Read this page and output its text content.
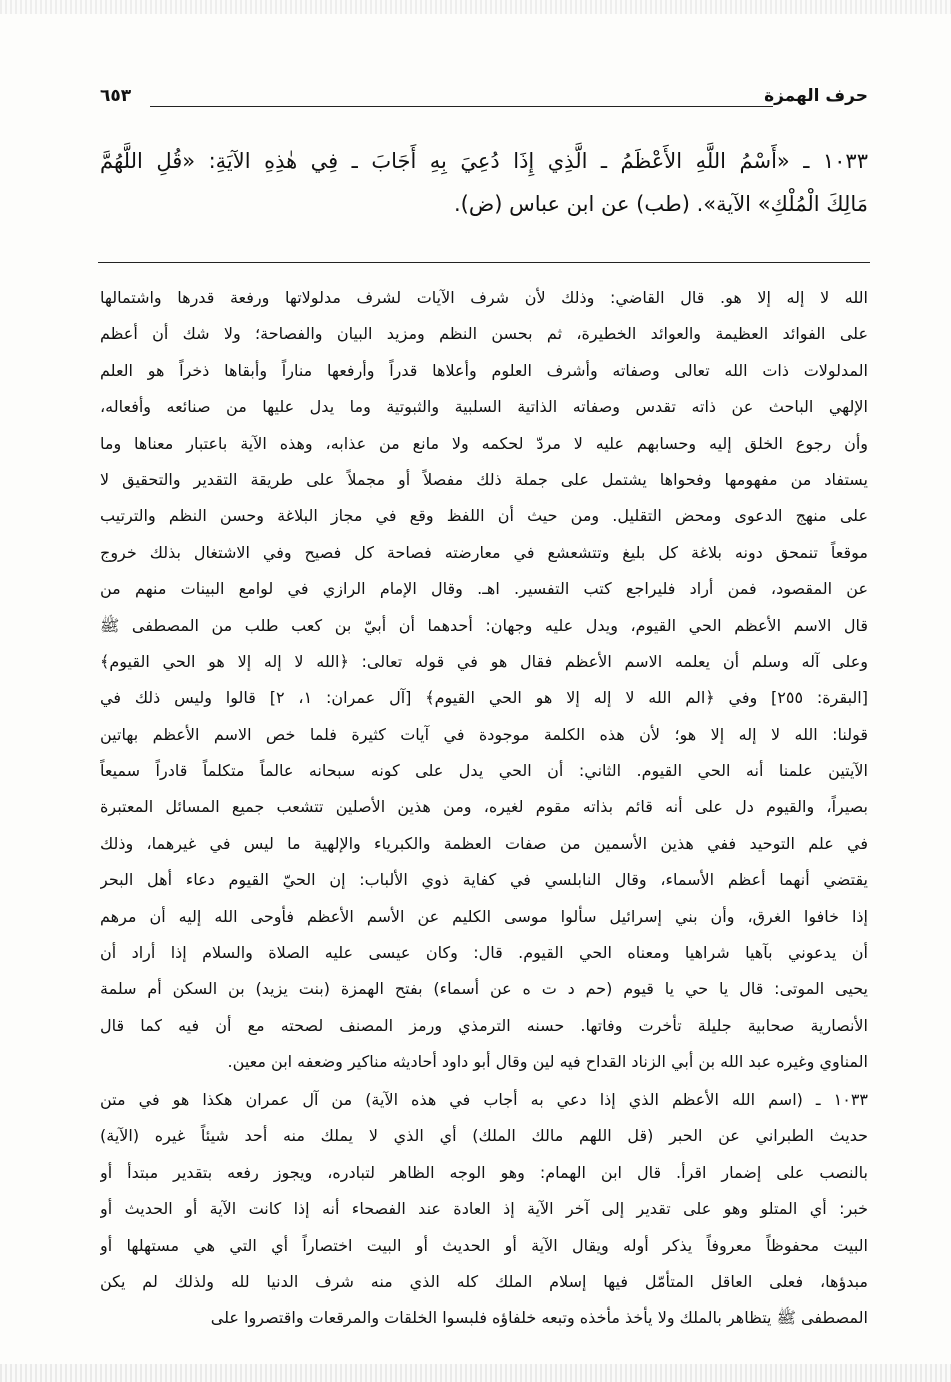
حرف الهمزة
٦٥٣
١٠٣٣ ـ «أَسْمُ اللَّهِ الأَعْظَمُ ـ الَّذِي إِذَا دُعِيَ بِهِ أَجَابَ ـ فِي هٰذِهِ الآيَةِ: «قُلِ اللَّهُمَّ
مَالِكَ الْمُلْكِ» الآية». (طب) عن ابن عباس (ض).
الله لا إله إلا هو. قال القاضي: وذلك لأن شرف الآيات لشرف مدلولاتها ورفعة قدرها واشتمالها
على الفوائد العظيمة والعوائد الخطيرة، ثم بحسن النظم ومزيد البيان والفصاحة؛ ولا شك أن أعظم
المدلولات ذات الله تعالى وصفاته وأشرف العلوم وأعلاها قدراً وأرفعها مناراً وأبقاها ذخراً هو العلم
الإلهي الباحث عن ذاته تقدس وصفاته الذاتية السلبية والثبوتية وما يدل عليها من صنائعه وأفعاله،
وأن رجوع الخلق إليه وحسابهم عليه لا مردّ لحكمه ولا مانع من عذابه، وهذه الآية باعتبار معناها وما
يستفاد من مفهومها وفحواها يشتمل على جملة ذلك مفصلاً أو مجملاً على طريقة التقدير والتحقيق لا
على منهج الدعوى ومحض التقليل. ومن حيث أن اللفظ وقع في مجاز البلاغة وحسن النظم والترتيب
موقعاً تنمحق دونه بلاغة كل بليغ وتتشعشع في معارضته فصاحة كل فصيح وفي الاشتغال بذلك خروج
عن المقصود، فمن أراد فليراجع كتب التفسير. اهـ. وقال الإمام الرازي في لوامع البينات منهم من
قال الاسم الأعظم الحي القيوم، ويدل عليه وجهان: أحدهما أن أبيّ بن كعب طلب من المصطفى ﷺ
وعلى آله وسلم أن يعلمه الاسم الأعظم فقال هو في قوله تعالى: ﴿الله لا إله إلا هو الحي القيوم﴾
[البقرة: ٢٥٥] وفي ﴿الم الله لا إله إلا هو الحي القيوم﴾ [آل عمران: ١، ٢] قالوا وليس ذلك في
قولنا: الله لا إله إلا هو؛ لأن هذه الكلمة موجودة في آيات كثيرة فلما خص الاسم الأعظم بهاتين
الآيتين علمنا أنه الحي القيوم. الثاني: أن الحي يدل على كونه سبحانه عالماً متكلماً قادراً سميعاً
بصيراً، والقيوم دل على أنه قائم بذاته مقوم لغيره، ومن هذين الأصلين تتشعب جميع المسائل المعتبرة
في علم التوحيد ففي هذين الأسمين من صفات العظمة والكبرياء والإلهية ما ليس في غيرهما، وذلك
يقتضي أنهما أعظم الأسماء، وقال النابلسي في كفاية ذوي الألباب: إن الحيّ القيوم دعاء أهل البحر
إذا خافوا الغرق، وأن بني إسرائيل سألوا موسى الكليم عن الأسم الأعظم فأوحى الله إليه أن مرهم
أن يدعوني بآهيا شراهيا ومعناه الحي القيوم. قال: وكان عيسى عليه الصلاة والسلام إذا أراد أن
يحيى الموتى: قال يا حي يا قيوم (حم د ت ه عن أسماء) بفتح الهمزة (بنت يزيد) بن السكن أم سلمة
الأنصارية صحابية جليلة تأخرت وفاتها. حسنه الترمذي ورمز المصنف لصحته مع أن فيه كما قال
المناوي وغيره عبد الله بن أبي الزناد القداح فيه لين وقال أبو داود أحاديثه مناكير وضعفه ابن معين.
١٠٣٣ ـ (اسم الله الأعظم الذي إذا دعي به أجاب في هذه الآية) من آل عمران هكذا هو في متن
حديث الطبراني عن الحبر (قل اللهم مالك الملك) أي الذي لا يملك منه أحد شيئاً غيره (الآية)
بالنصب على إضمار اقرأ. قال ابن الهمام: وهو الوجه الظاهر لتبادره، ويجوز رفعه بتقدير مبتدأ أو
خبر: أي المتلو وهو على تقدير إلى آخر الآية إذ العادة عند الفصحاء أنه إذا كانت الآية أو الحديث أو
البيت محفوظاً معروفاً يذكر أوله ويقال الآية أو الحديث أو البيت اختصاراً أي التي هي مستهلها أو
مبدؤها، فعلى العاقل المتأمّل فيها إسلام الملك كله الذي منه شرف الدنيا لله ولذلك لم يكن
المصطفى ﷺ يتظاهر بالملك ولا يأخذ مأخذه وتبعه خلفاؤه فلبسوا الخلقات والمرقعات واقتصروا على
